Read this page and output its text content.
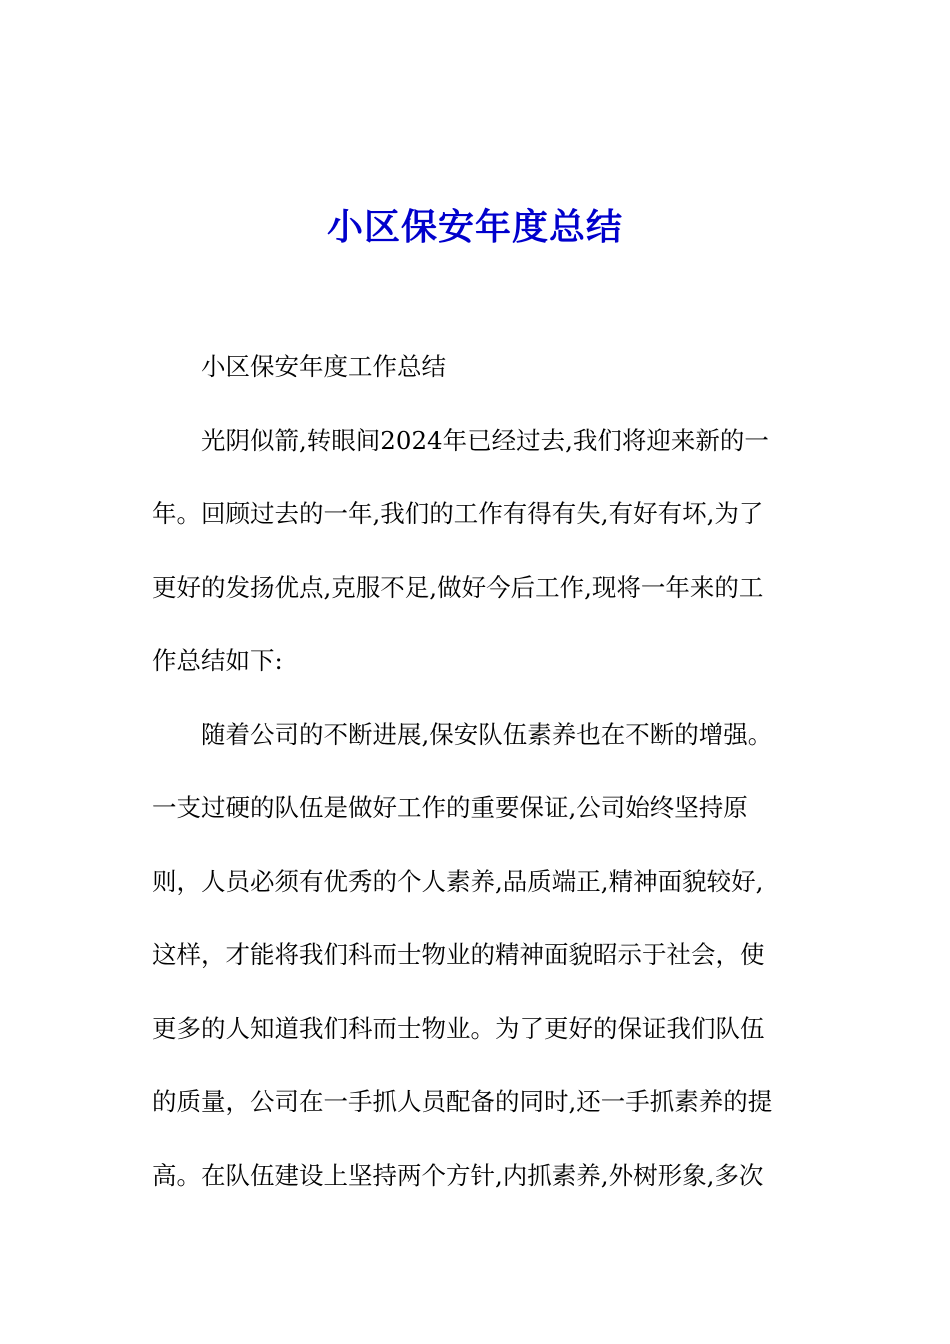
小区保安年度总结

小区保安年度工作总结

光阴似箭,转眼间2024年已经过去,我们将迎来新的一
年。回顾过去的一年,我们的工作有得有失,有好有坏,为了
更好的发扬优点,克服不足,做好今后工作,现将一年来的工
作总结如下:

随着公司的不断进展,保安队伍素养也在不断的增强。
一支过硬的队伍是做好工作的重要保证,公司始终坚持原
则，人员必须有优秀的个人素养,品质端正,精神面貌较好,
这样，才能将我们科而士物业的精神面貌昭示于社会，使
更多的人知道我们科而士物业。为了更好的保证我们队伍
的质量，公司在一手抓人员配备的同时,还一手抓素养的提
高。在队伍建设上坚持两个方针,内抓素养,外树形象,多次
